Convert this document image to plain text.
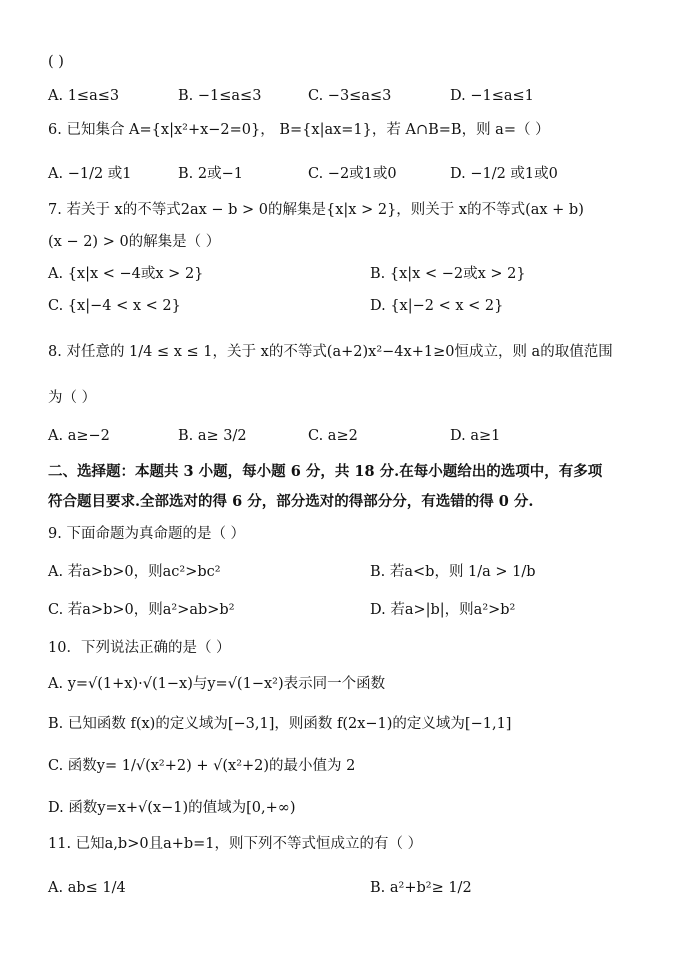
( )
A. 1≤a≤3	B. −1≤a≤3	C. −3≤a≤3	D. −1≤a≤1
6. 已知集合 A={x|x²+x−2=0}， B={x|ax=1}，若 A∩B=B，则 a=（ ）
A. −1/2 或1	B. 2或−1	C. −2或1或0	D. −1/2 或1或0
7. 若关于 x的不等式2ax − b > 0的解集是{x|x > 2}，则关于 x的不等式(ax + b)
(x − 2) > 0的解集是（ ）
A. {x|x < −4或x > 2}	B. {x|x < −2或x > 2}
C. {x|−4 < x < 2}	D. {x|−2 < x < 2}
8. 对任意的 1/4 ≤ x ≤ 1，关于 x的不等式(a+2)x²−4x+1≥0恒成立，则 a的取值范围
为（ ）
A. a≥−2	B. a≥ 3/2	C. a≥2	D. a≥1
二、选择题：本题共 3 小题，每小题 6 分，共 18 分.在每小题给出的选项中，有多项
符合题目要求.全部选对的得 6 分，部分选对的得部分分，有选错的得 0 分.
9. 下面命题为真命题的是（ ）
A. 若a>b>0，则ac²>bc²	B. 若a<b，则 1/a > 1/b
C. 若a>b>0，则a²>ab>b²	D. 若a>|b|，则a²>b²
10．下列说法正确的是（ ）
A. y=√(1+x)·√(1−x)与y=√(1−x²)表示同一个函数
B. 已知函数 f(x)的定义域为[−3,1]，则函数 f(2x−1)的定义域为[−1,1]
C. 函数y= 1/√(x²+2) + √(x²+2)的最小值为 2
D. 函数y=x+√(x−1)的值域为[0,+∞)
11. 已知a,b>0且a+b=1，则下列不等式恒成立的有（ ）
A. ab≤ 1/4	B. a²+b²≥ 1/2
